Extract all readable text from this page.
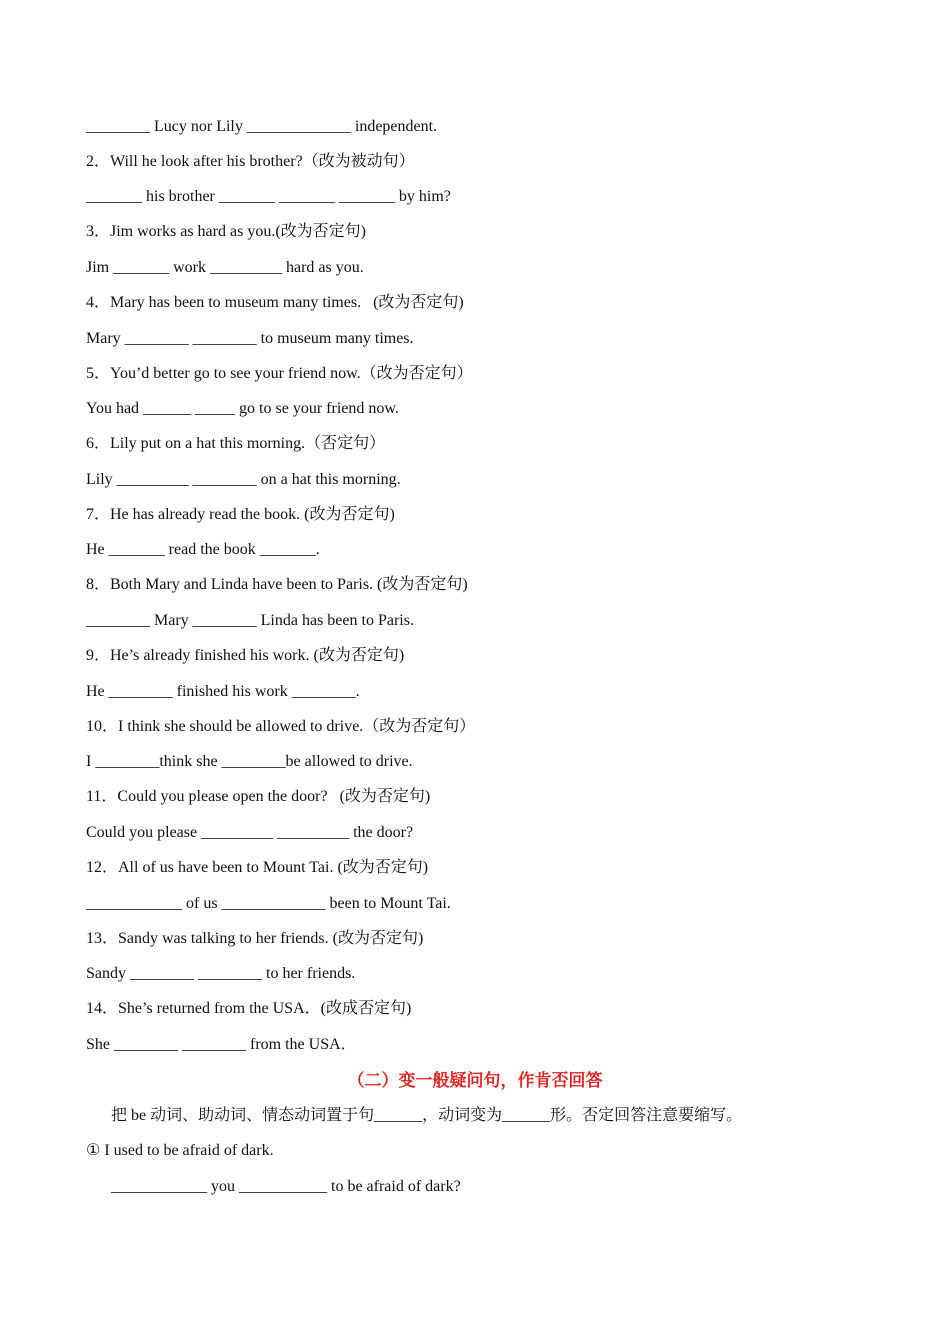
________ Lucy nor Lily _____________ independent.
2．Will he look after his brother?（改为被动句）
_______ his brother _______ _______ _______ by him?
3．Jim works as hard as you.(改为否定句)
Jim _______ work _________ hard as you.
4．Mary has been to museum many times.   (改为否定句)
Mary ________ ________ to museum many times.
5．You’d better go to see your friend now.（改为否定句）
You had ______ _____ go to se your friend now.
6．Lily put on a hat this morning.（否定句）
Lily _________ ________ on a hat this morning.
7．He has already read the book. (改为否定句)
He _______ read the book _______.
8．Both Mary and Linda have been to Paris. (改为否定句)
________ Mary ________ Linda has been to Paris.
9．He’s already finished his work. (改为否定句)
He ________ finished his work ________.
10．I think she should be allowed to drive.（改为否定句）
I ________think she ________be allowed to drive.
11．Could you please open the door?   (改为否定句)
Could you please _________ _________ the door?
12．All of us have been to Mount Tai. (改为否定句)
____________ of us _____________ been to Mount Tai.
13．Sandy was talking to her friends. (改为否定句)
Sandy ________ ________ to her friends.
14．She’s returned from the USA．(改成否定句)
She ________ ________ from the USA．
（二）变一般疑问句，作肯否回答
把 be 动词、助动词、情态动词置于句______，动词变为______形。否定回答注意要缩写。
① I used to be afraid of dark.
____________ you ___________ to be afraid of dark?
